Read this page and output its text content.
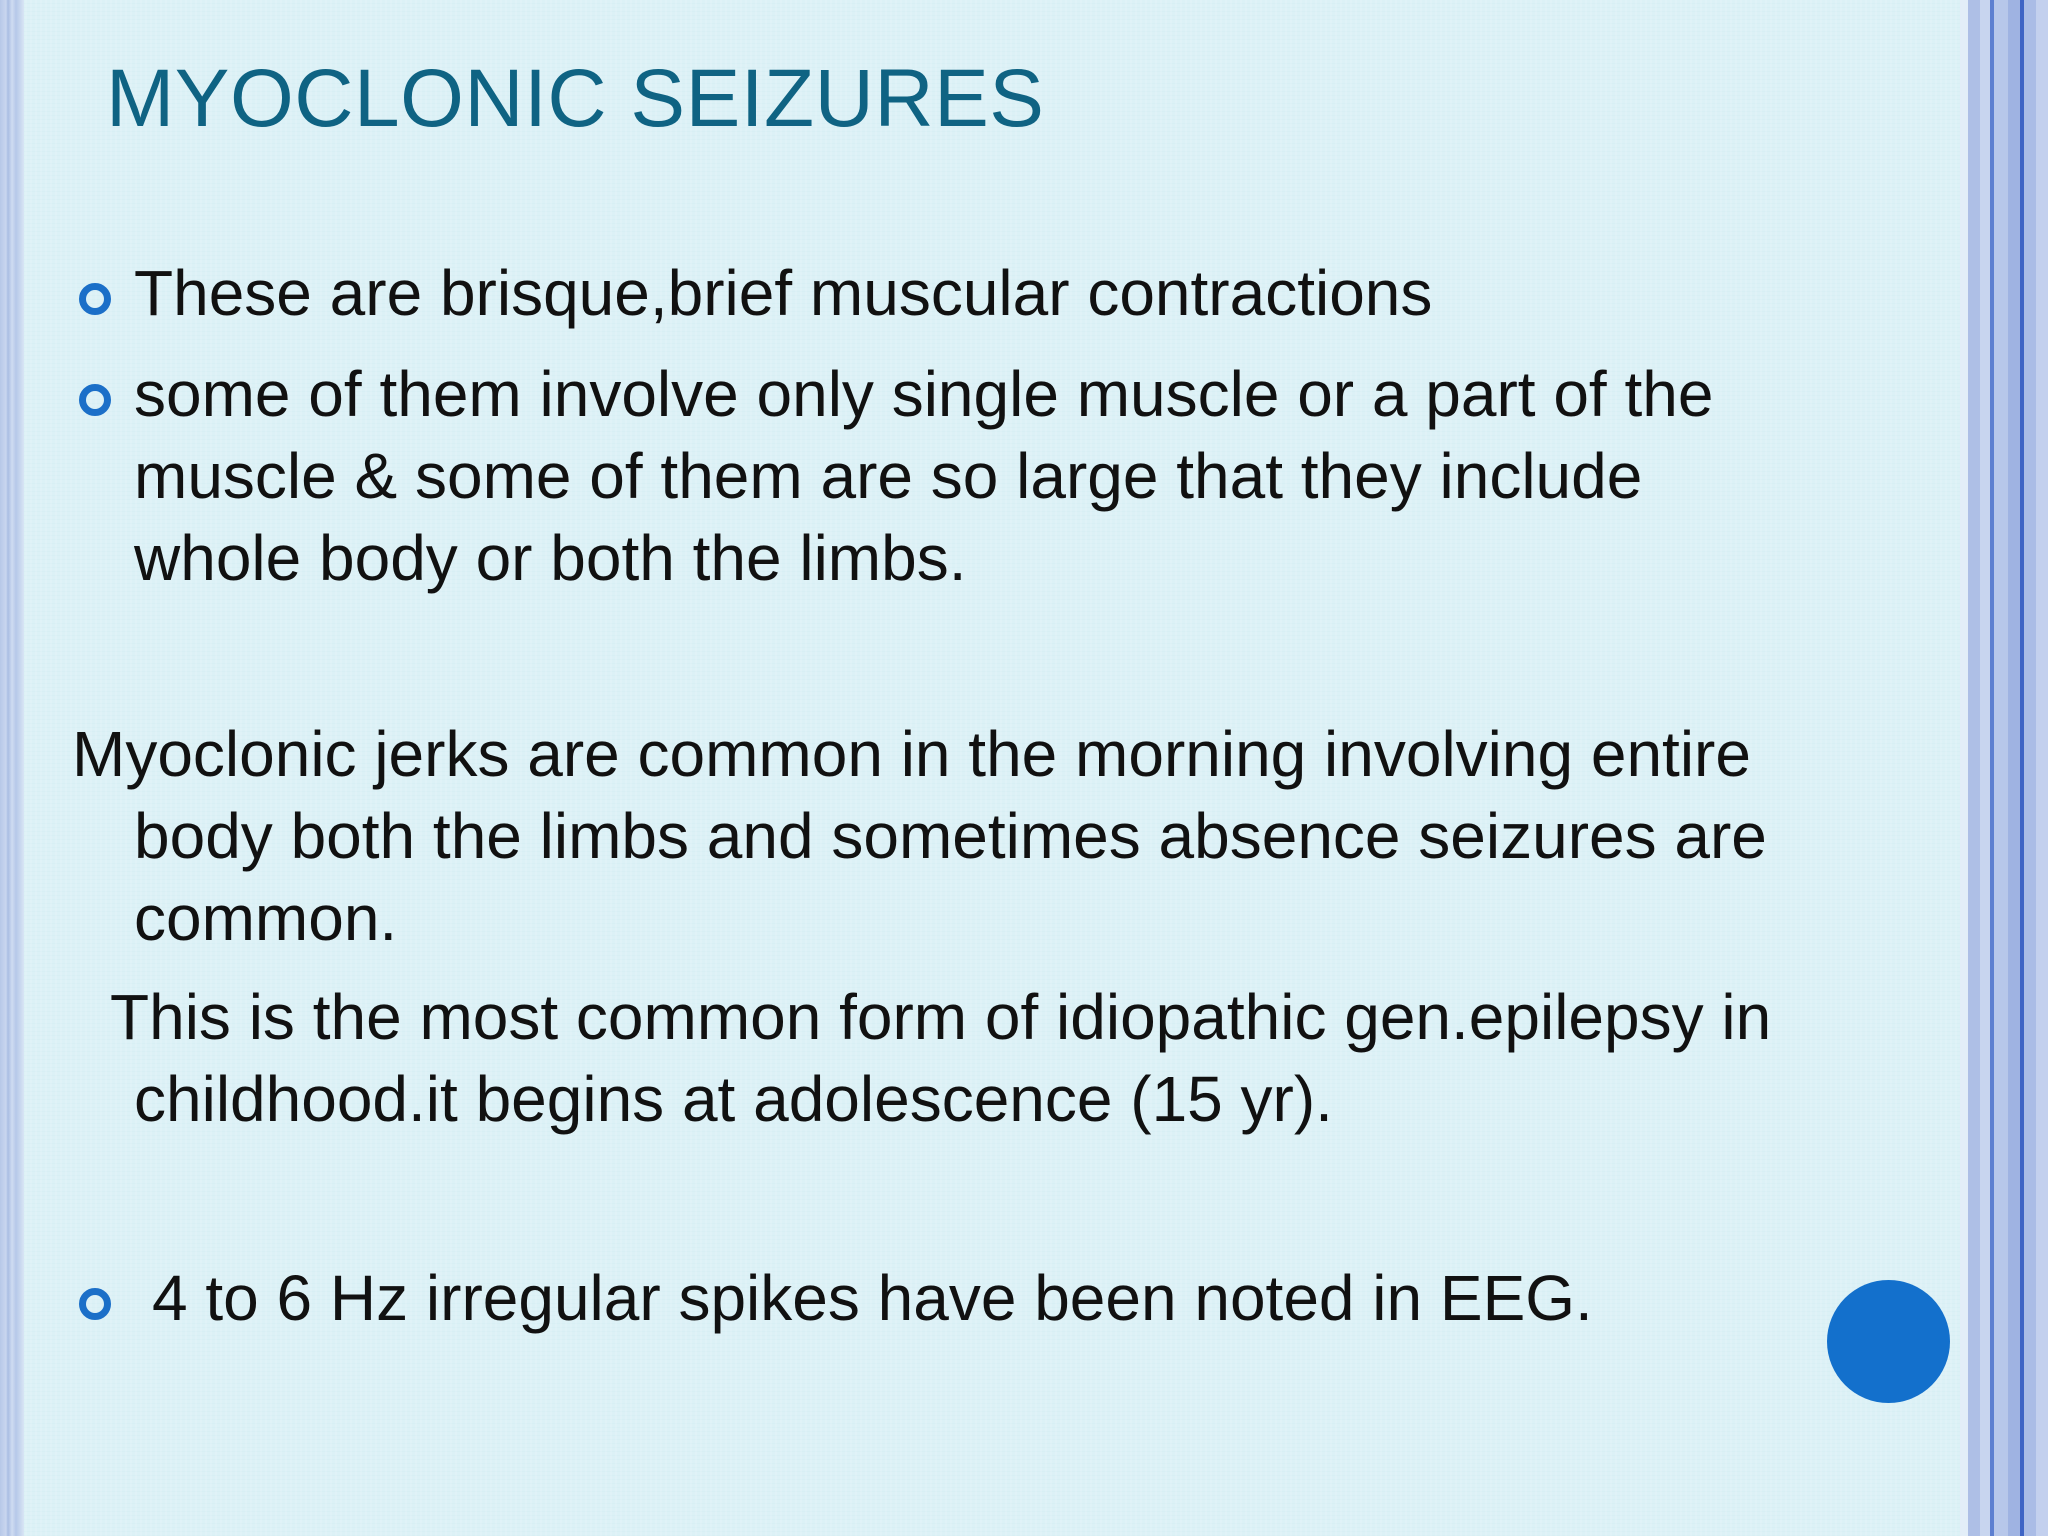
MYOCLONIC SEIZURES
These are brisque,brief muscular contractions
some of them involve only single muscle or a part of the
muscle & some of them are so large that they include
whole body or both the limbs.
Myoclonic jerks are common in the morning involving entire
body both the limbs and sometimes absence seizures are
common.
This is the most common form of idiopathic gen.epilepsy in
childhood.it begins at adolescence (15 yr).
4 to 6 Hz irregular spikes have been noted in EEG.
